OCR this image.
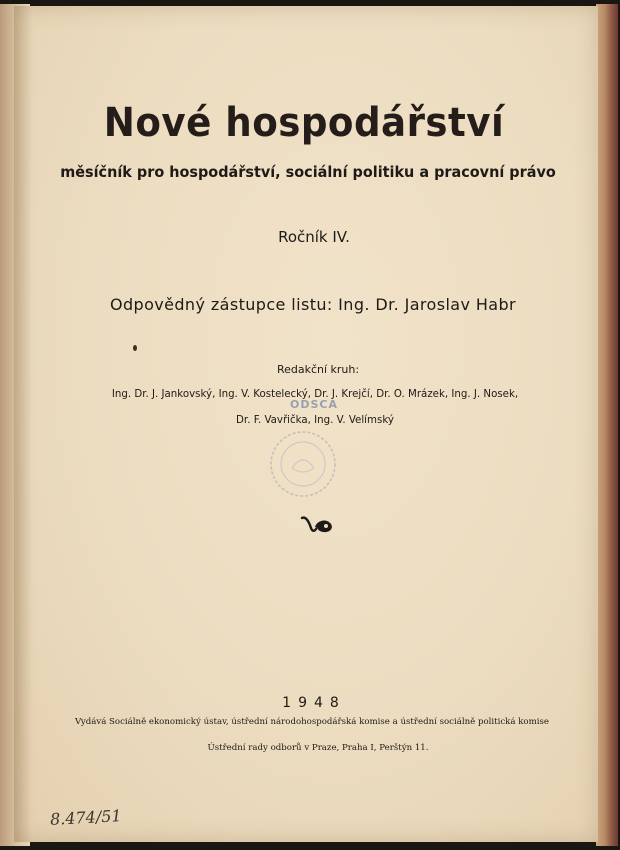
Nové hospodářství
měsíčník pro hospodářství, sociální politiku a pracovní právo
Ročník IV.
Odpovědný zástupce listu: Ing. Dr. Jaroslav Habr
Redakční kruh:
Ing. Dr. J. Jankovský, Ing. V. Kostelecký, Dr. J. Krejčí, Dr. O. Mrázek, Ing. J. Nosek,
Dr. F. Vavřička, Ing. V. Velímský
ODSCA
1948
Vydává Sociálně ekonomický ústav, ústřední národohospodářská komise a ústřední sociálně politická komise
Ústřední rady odborů v Praze, Praha I, Perštýn 11.
8.474/51
